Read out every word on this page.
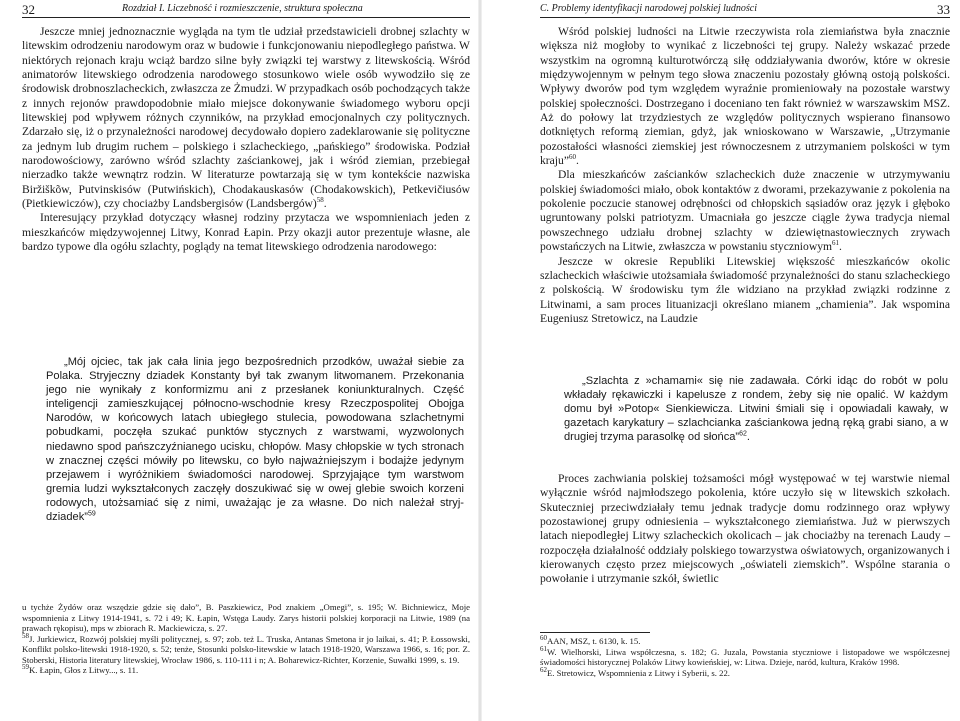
32	Rozdział I. Liczebność i rozmieszczenie, struktura społeczna

Jeszcze mniej jednoznacznie wygląda na tym tle udział przedstawicieli drobnej szlachty w litewskim odrodzeniu narodowym oraz w budowie i funkcjonowaniu niepodległego państwa. W niektórych rejonach kraju wciąż bardzo silne były związki tej warstwy z litewskością. Wśród animatorów litewskiego odrodzenia narodowego stosunkowo wiele osób wywodziło się ze środowisk drobnoszlacheckich, zwłaszcza ze Żmudzi. W przypadkach osób pochodzących także z innych rejonów prawdopodobnie miało miejsce dokonywanie świadomego wyboru opcji litewskiej pod wpływem różnych czynników, na przykład emocjonalnych czy politycznych. Zdarzało się, iż o przynależności narodowej decydowało dopiero zadeklarowanie się polityczne za jednym lub drugim ruchem – polskiego i szlacheckiego, „pańskiego” środowiska. Podział narodowościowy, zarówno wśród szlachty zaściankowej, jak i wśród ziemian, przebiegał nierzadko także wewnątrz rodzin. W literaturze powtarzają się w tym kontekście nazwiska Biržiškõw, Putvinskisów (Putwińskich), Chodakauskasów (Chodakowskich), Petkevičiusów (Pietkiewiczów), czy chociażby Landsbergisów (Landsbergów)$^{58}$.

Interesujący przykład dotyczący własnej rodziny przytacza we wspomnieniach jeden z mieszkańców międzywojennej Litwy, Konrad Łapin. Przy okazji autor prezentuje własne, ale bardzo typowe dla ogółu szlachty, poglądy na temat litewskiego odrodzenia narodowego:

„Mój ojciec, tak jak cała linia jego bezpośrednich przodków, uważał siebie za Polaka. Stryjeczny dziadek Konstanty był tak zwanym litwomanem. Przekonania jego nie wynikały z konformizmu ani z przesłanek koniunkturalnych. Część inteligencji zamieszkującej północno-wschodnie kresy Rzeczpospolitej Obojga Narodów, w końcowych latach ubiegłego stulecia, powodowana szlachetnymi pobudkami, poczęła szukać punktów stycznych z warstwami, wyzwolonych niedawno spod pańszczyźnianego ucisku, chłopów. Masy chłopskie w tych stronach w znacznej części mówiły po litewsku, co było najważniejszym i bodajże jedynym przejawem i wyróżnikiem świadomości narodowej. Sprzyjające tym warstwom gremia ludzi wykształconych zaczęły doszukiwać się w owej glebie swoich korzeni rodowych, utożsamiać się z nimi, uważając je za własne. Do nich należał stryj-dziadek”$^{59}$

u tychże Żydów oraz wszędzie gdzie się dało”, B. Paszkiewicz, Pod znakiem „Omegi”, s. 195; W. Bichniewicz, Moje wspomnienia z Litwy 1914-1941, s. 72 i 49; K. Łapin, Wstęga Laudy. Zarys historii polskiej korporacji na Litwie, 1989 (na prawach rękopisu), mps w zbiorach R. Mackiewicza, s. 27.

$^{58}$J. Jurkiewicz, Rozwój polskiej myśli politycznej, s. 97; zob. też L. Truska, Antanas Smetona ir jo laikai, s. 41; P. Łossowski, Konflikt polsko-litewski 1918-1920, s. 52; tenże, Stosunki polsko-litewskie w latach 1918-1920, Warszawa 1966, s. 16; por. Z. Stoberski, Historia literatury litewskiej, Wrocław 1986, s. 110-111 i n; A. Boharewicz-Richter, Korzenie, Suwałki 1999, s. 19.

$^{59}$K. Łapin, Głos z Litwy..., s. 11.

C. Problemy identyfikacji narodowej polskiej ludności	33

Wśród polskiej ludności na Litwie rzeczywista rola ziemiaństwa była znacznie większa niż mogłoby to wynikać z liczebności tej grupy. Należy wskazać przede wszystkim na ogromną kulturotwórczą siłę oddziaływania dworów, które w okresie międzywojennym w pełnym tego słowa znaczeniu pozostały główną ostoją polskości. Wpływy dworów pod tym względem wyraźnie promieniowały na pozostałe warstwy polskiej społeczności. Dostrzegano i doceniano ten fakt również w warszawskim MSZ. Aż do połowy lat trzydziestych ze względów politycznych wspierano finansowo dotkniętych reformą ziemian, gdyż, jak wnioskowano w Warszawie, „Utrzymanie pozostałości własności ziemskiej jest równoczesnem z utrzymaniem polskości w tym kraju”$^{60}$.

Dla mieszkańców zaścianków szlacheckich duże znaczenie w utrzymywaniu polskiej świadomości miało, obok kontaktów z dworami, przekazywanie z pokolenia na pokolenie poczucie stanowej odrębności od chłopskich sąsiadów oraz język i głęboko ugruntowany polski patriotyzm. Umacniała go jeszcze ciągle żywa tradycja niemal powszechnego udziału drobnej szlachty w dziewiętnastowiecznych zrywach powstańczych na Litwie, zwłaszcza w powstaniu styczniowym$^{61}$.

Jeszcze w okresie Republiki Litewskiej większość mieszkańców okolic szlacheckich właściwie utożsamiała świadomość przynależności do stanu szlacheckiego z polskością. W środowisku tym źle widziano na przykład związki rodzinne z Litwinami, a sam proces lituanizacji określano mianem „chamienia”. Jak wspomina Eugeniusz Stretowicz, na Laudzie

„Szlachta z »chamami« się nie zadawała. Córki idąc do robót w polu wkładały rękawiczki i kapelusze z rondem, żeby się nie opalić. W każdym domu był »Potop« Sienkiewicza. Litwini śmiali się i opowiadali kawały, w gazetach karykatury – szlachcianka zaściankowa jedną ręką grabi siano, a w drugiej trzyma parasolkę od słońca”$^{62}$.

Proces zachwiania polskiej tożsamości mógł występować w tej warstwie niemal wyłącznie wśród najmłodszego pokolenia, które uczyło się w litewskich szkołach. Skuteczniej przeciwdziałały temu jednak tradycje domu rodzinnego oraz wpływy pozostawionej grupy odniesienia – wykształconego ziemiaństwa. Już w pierwszych latach niepodległej Litwy szlacheckich okolicach – jak chociażby na terenach Laudy – rozpoczęła działalność oddziały polskiego towarzystwa oświatowych, organizowanych i kierowanych często przez miejscowych „oświateli ziemskich”. Wspólne starania o powołanie i utrzymanie szkół, świetlic

$^{60}$AAN, MSZ, t. 6130, k. 15.

$^{61}$W. Wielhorski, Litwa współczesna, s. 182; G. Juzala, Powstania styczniowe i listopadowe we współczesnej świadomości historycznej Polaków Litwy kowieńskiej, w: Litwa. Dzieje, naród, kultura, Kraków 1998.

$^{62}$E. Stretowicz, Wspomnienia z Litwy i Syberii, s. 22.
